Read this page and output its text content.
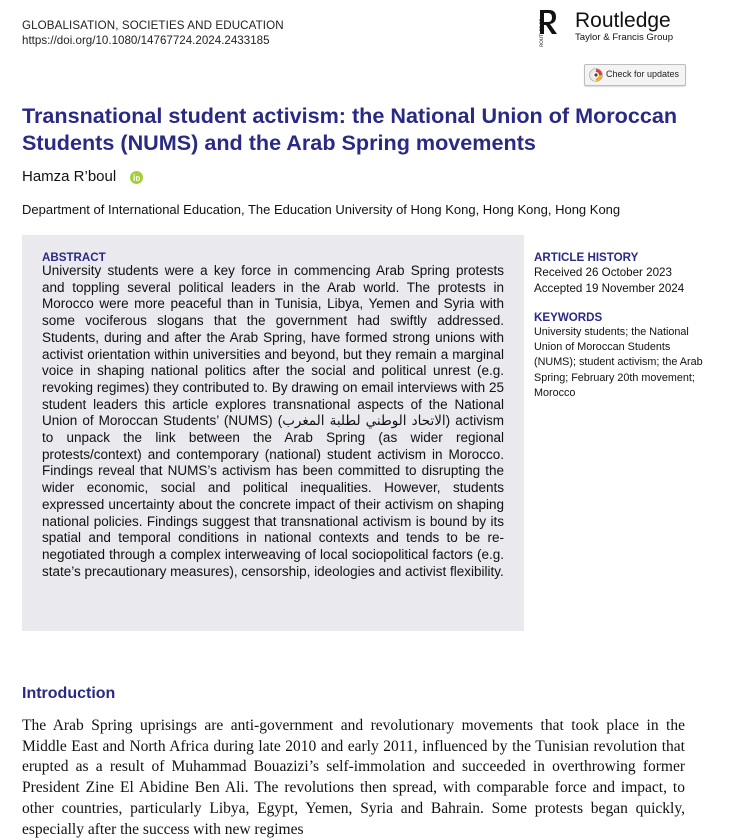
GLOBALISATION, SOCIETIES AND EDUCATION
https://doi.org/10.1080/14767724.2024.2433185	ROUTLEDGE Routledge
Taylor & Francis Group
Check for updates
Transnational student activism: the National Union of Moroccan Students (NUMS) and the Arab Spring movements
Hamza R’boul
Department of International Education, The Education University of Hong Kong, Hong Kong, Hong Kong
ABSTRACT
University students were a key force in commencing Arab Spring protests and toppling several political leaders in the Arab world. The protests in Morocco were more peaceful than in Tunisia, Libya, Yemen and Syria with some vociferous slogans that the government had swiftly addressed. Students, during and after the Arab Spring, have formed strong unions with activist orientation within universities and beyond, but they remain a marginal voice in shaping national politics after the social and political unrest (e.g. revoking regimes) they contributed to. By drawing on email interviews with 25 student leaders this article explores transnational aspects of the National Union of Moroccan Students’ (NUMS) (الاتحاد الوطني لطلبة المغرب) activism to unpack the link between the Arab Spring (as wider regional protests/context) and contemporary (national) student activism in Morocco. Findings reveal that NUMS’s activism has been committed to disrupting the wider economic, social and political inequalities. However, students expressed uncertainty about the concrete impact of their activism on shaping national policies. Findings suggest that transnational activism is bound by its spatial and temporal conditions in national contexts and tends to be re-negotiated through a complex interweaving of local sociopolitical factors (e.g. state’s precautionary measures), censorship, ideologies and activist flexibility.
ARTICLE HISTORY
Received 26 October 2023
Accepted 19 November 2024
KEYWORDS
University students; the National Union of Moroccan Students (NUMS); student activism; the Arab Spring; February 20th movement; Morocco
Introduction
The Arab Spring uprisings are anti-government and revolutionary movements that took place in the Middle East and North Africa during late 2010 and early 2011, influenced by the Tunisian revolution that erupted as a result of Muhammad Bouazizi’s self-immolation and succeeded in overthrowing former President Zine El Abidine Ben Ali. The revolutions then spread, with comparable force and impact, to other countries, particularly Libya, Egypt, Yemen, Syria and Bahrain. Some protests began quickly, especially after the success with new regimes
